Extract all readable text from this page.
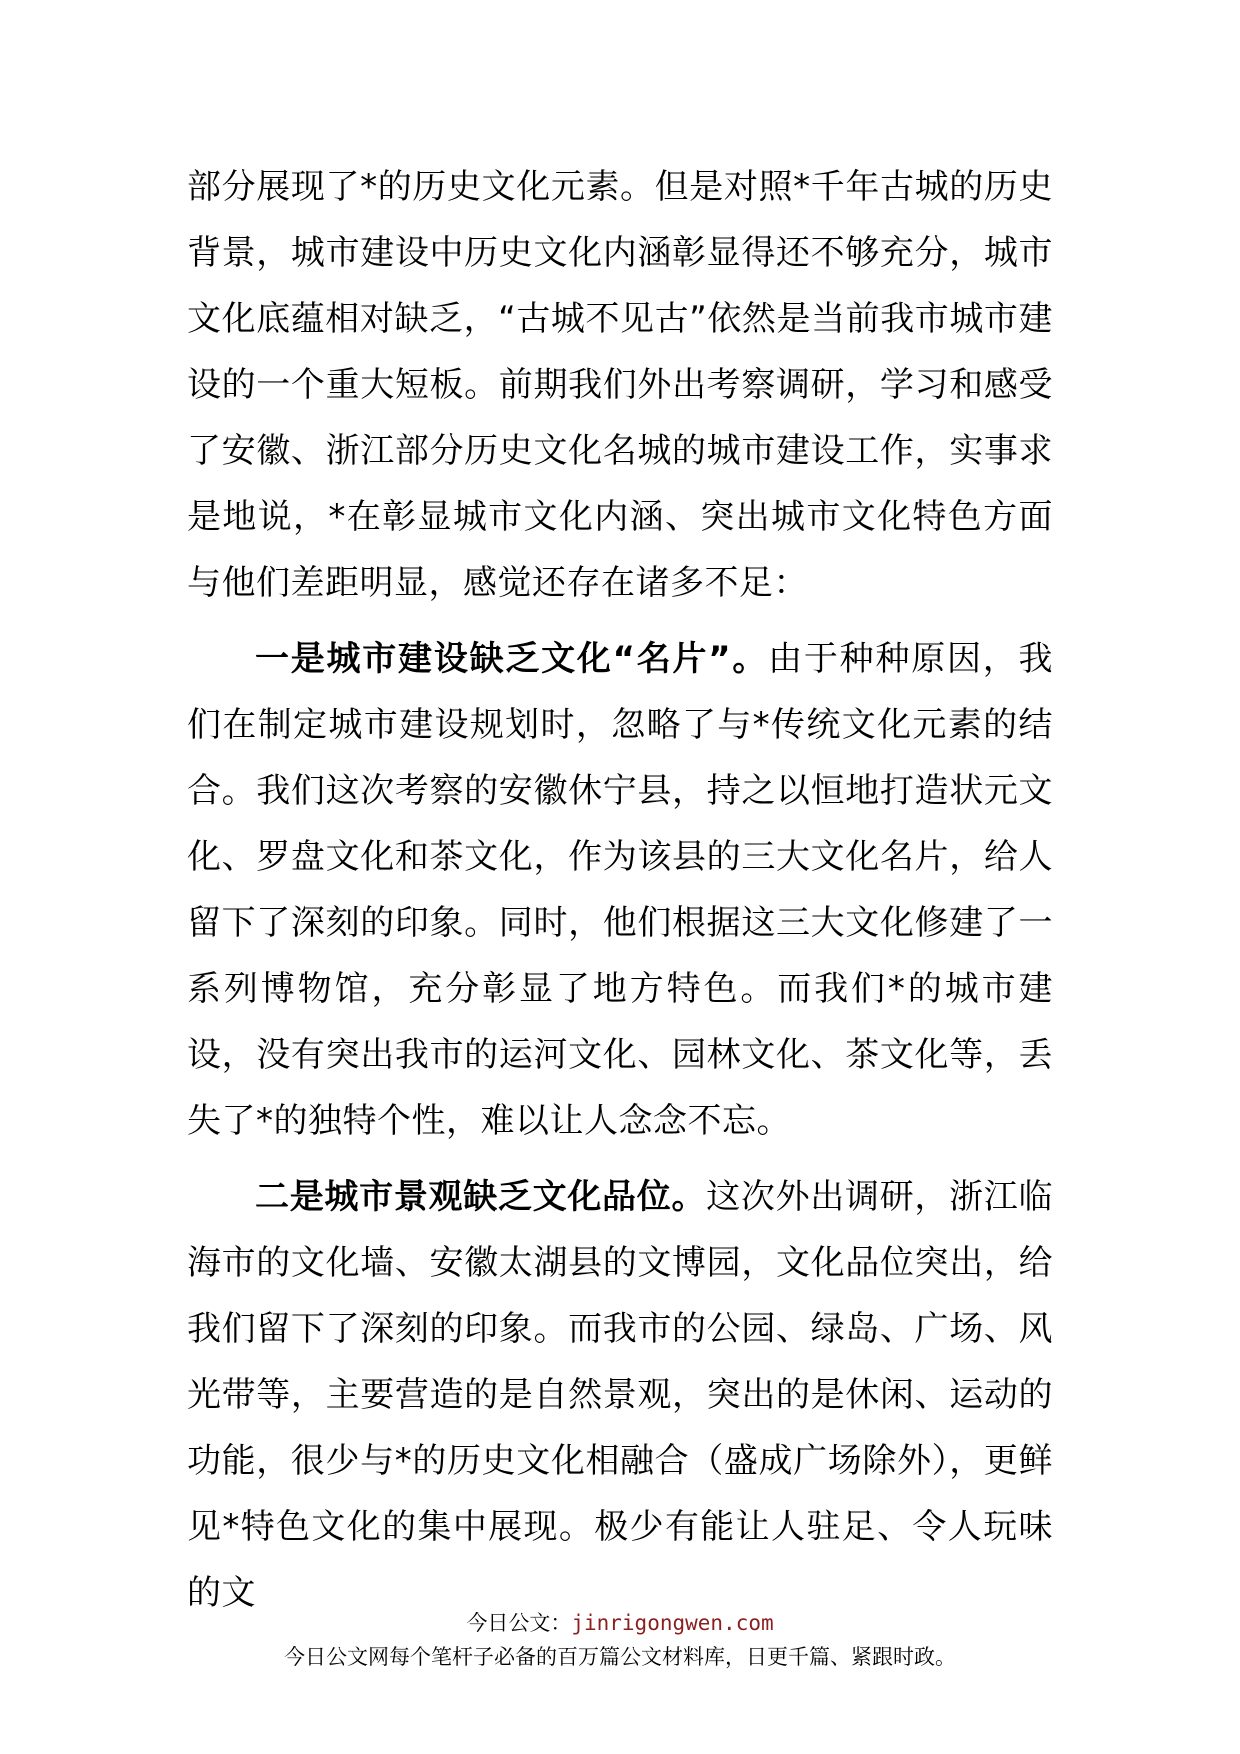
部分展现了*的历史文化元素。但是对照*千年古城的历史背景，城市建设中历史文化内涵彰显得还不够充分，城市文化底蕴相对缺乏，“古城不见古”依然是当前我市城市建设的一个重大短板。前期我们外出考察调研，学习和感受了安徽、浙江部分历史文化名城的城市建设工作，实事求是地说，*在彰显城市文化内涵、突出城市文化特色方面与他们差距明显，感觉还存在诸多不足：

一是城市建设缺乏文化“名片”。由于种种原因，我们在制定城市建设规划时，忽略了与*传统文化元素的结合。我们这次考察的安徽休宁县，持之以恒地打造状元文化、罗盘文化和茶文化，作为该县的三大文化名片，给人留下了深刻的印象。同时，他们根据这三大文化修建了一系列博物馆，充分彰显了地方特色。而我们*的城市建设，没有突出我市的运河文化、园林文化、茶文化等，丢失了*的独特个性，难以让人念念不忘。

二是城市景观缺乏文化品位。这次外出调研，浙江临海市的文化墙、安徽太湖县的文博园，文化品位突出，给我们留下了深刻的印象。而我市的公园、绿岛、广场、风光带等，主要营造的是自然景观，突出的是休闲、运动的功能，很少与*的历史文化相融合（盛成广场除外），更鲜见*特色文化的集中展现。极少有能让人驻足、令人玩味的文

今日公文：jinrigongwen.com
今日公文网每个笔杆子必备的百万篇公文材料库，日更千篇、紧跟时政。
